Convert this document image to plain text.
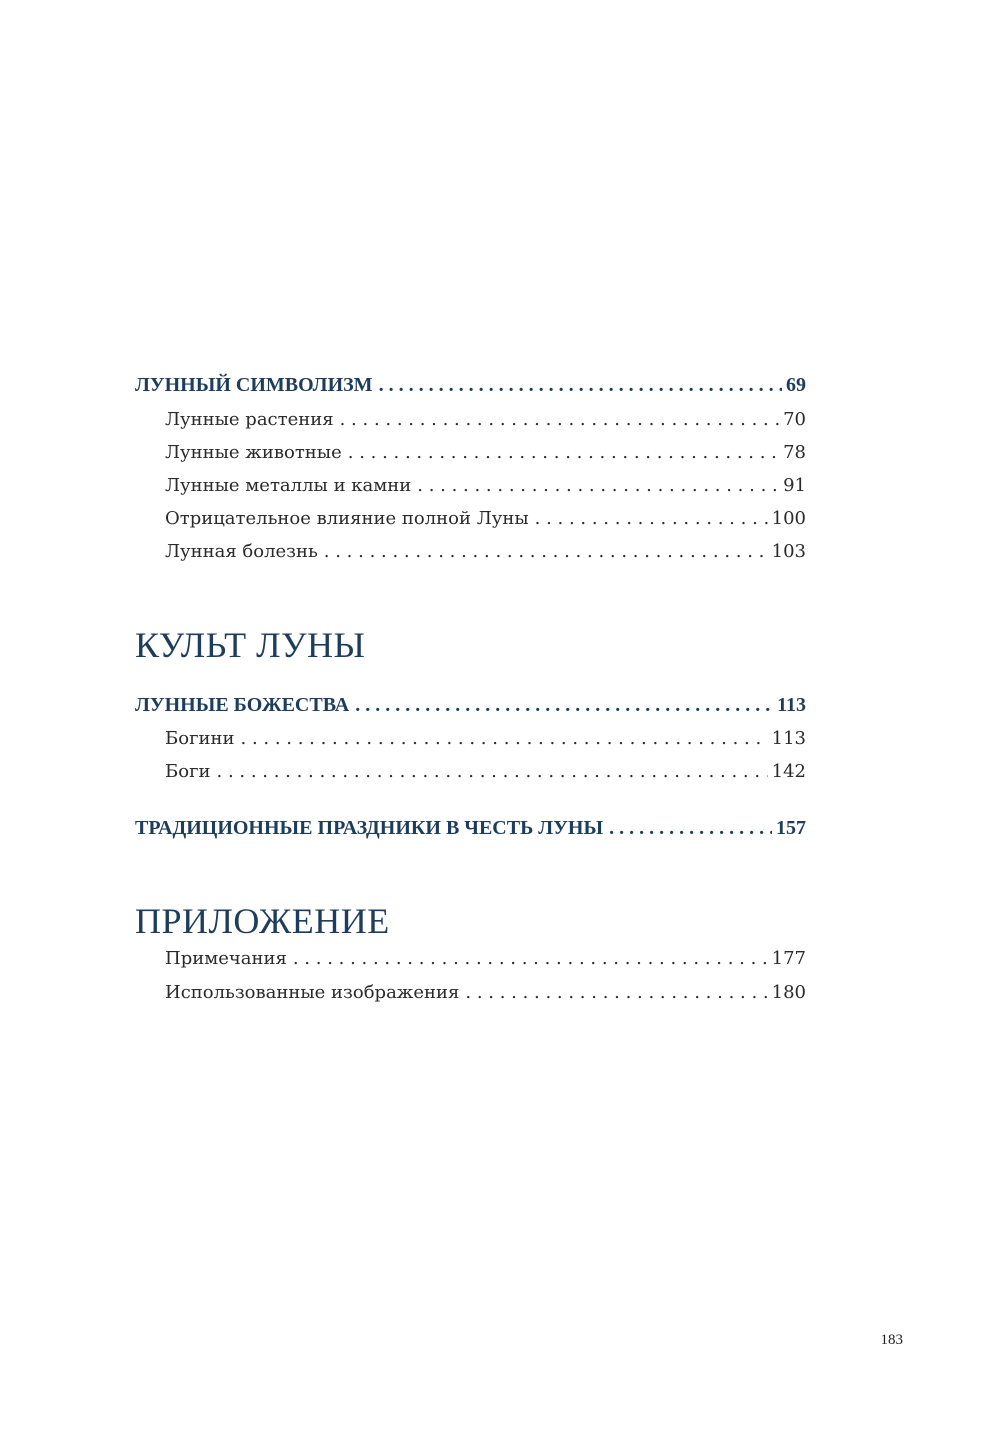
ЛУННЫЙ СИМВОЛИЗМ . . .	69
Лунные растения . . .	70
Лунные животные . . .	78
Лунные металлы и камни . . .	91
Отрицательное влияние полной Луны . . .	100
Лунная болезнь . . .	103
КУЛЬТ ЛУНЫ
ЛУННЫЕ БОЖЕСТВА . . .	113
Богини . . .	113
Боги . . .	142
ТРАДИЦИОННЫЕ ПРАЗДНИКИ В ЧЕСТЬ ЛУНЫ . . .	157
ПРИЛОЖЕНИЕ
Примечания . . .	177
Использованные изображения . . .	180
183
